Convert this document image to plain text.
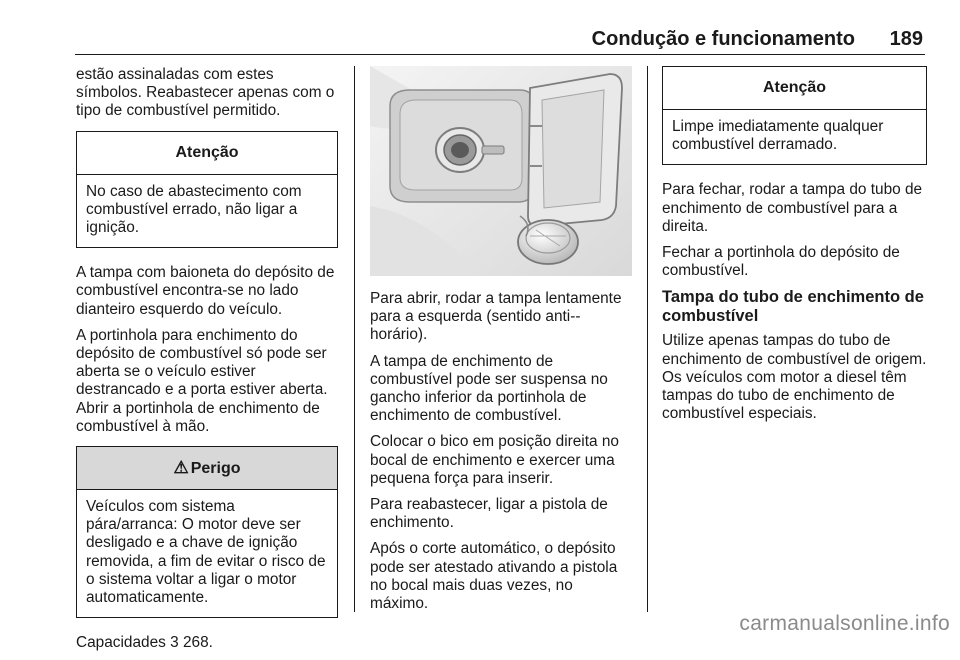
Condução e funcionamento 189

estão assinaladas com estes símbolos. Reabastecer apenas com o tipo de combustível permitido.

Atenção

No caso de abastecimento com combustível errado, não ligar a ignição.

A tampa com baioneta do depósito de combustível encontra-se no lado dianteiro esquerdo do veículo.

A portinhola para enchimento do depósito de combustível só pode ser aberta se o veículo estiver destrancado e a porta estiver aberta. Abrir a portinhola de enchimento de combustível à mão.

⚠ Perigo

Veículos com sistema pára/arranca: O motor deve ser desligado e a chave de ignição removida, a fim de evitar o risco de o sistema voltar a ligar o motor automaticamente.

Capacidades 3 268.

Para abrir, rodar a tampa lentamente para a esquerda (sentido anti--horário).

A tampa de enchimento de combustível pode ser suspensa no gancho inferior da portinhola de enchimento de combustível.

Colocar o bico em posição direita no bocal de enchimento e exercer uma pequena força para inserir.

Para reabastecer, ligar a pistola de enchimento.

Após o corte automático, o depósito pode ser atestado ativando a pistola no bocal mais duas vezes, no máximo.

Atenção

Limpe imediatamente qualquer combustível derramado.

Para fechar, rodar a tampa do tubo de enchimento de combustível para a direita.

Fechar a portinhola do depósito de combustível.

Tampa do tubo de enchimento de combustível

Utilize apenas tampas do tubo de enchimento de combustível de origem. Os veículos com motor a diesel têm tampas do tubo de enchimento de combustível especiais.

carmanualsonline.info
